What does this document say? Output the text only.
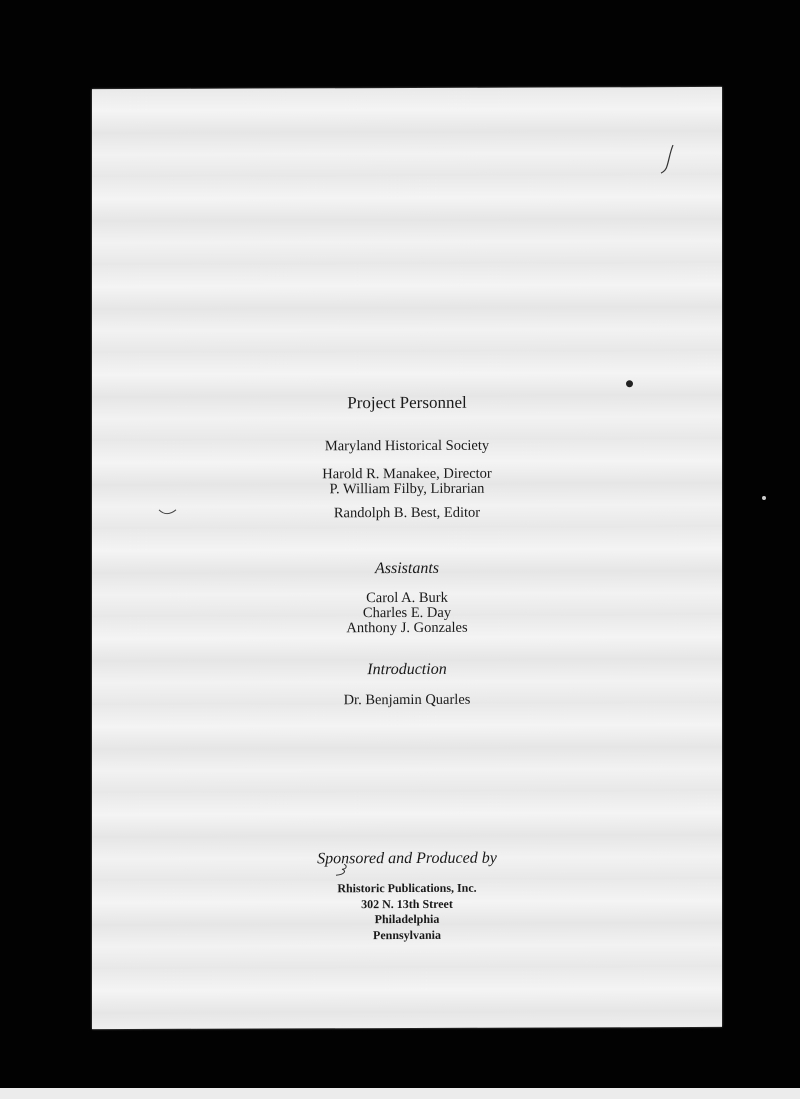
Project Personnel
Maryland Historical Society
Harold R. Manakee, Director
P. William Filby, Librarian
Randolph B. Best, Editor
Assistants
Carol A. Burk
Charles E. Day
Anthony J. Gonzales
Introduction
Dr. Benjamin Quarles
Sponsored and Produced by
Rhistoric Publications, Inc.
302 N. 13th Street
Philadelphia
Pennsylvania
